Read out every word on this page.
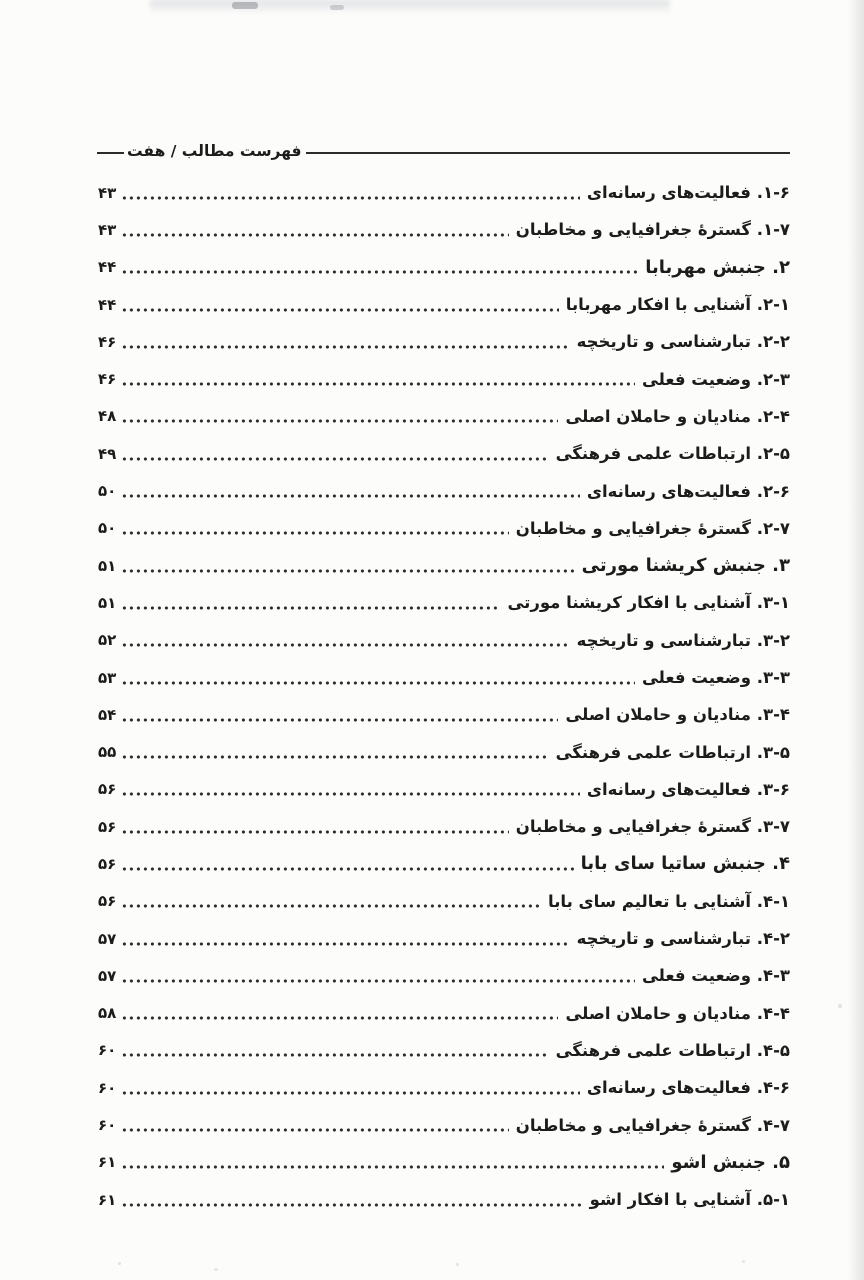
فهرست مطالب / هفت
۱-۶. فعالیت‌های رسانه‌ای
۴۳
۱-۷. گسترۀ جغرافیایی و مخاطبان
۴۳
۲. جنبش مهربابا
۴۴
۲-۱. آشنایی با افکار مهربابا
۴۴
۲-۲. تبارشناسی و تاریخچه
۴۶
۲-۳. وضعیت فعلی
۴۶
۲-۴. منادیان و حاملان اصلی
۴۸
۲-۵. ارتباطات علمی فرهنگی
۴۹
۲-۶. فعالیت‌های رسانه‌ای
۵۰
۲-۷. گسترۀ جغرافیایی و مخاطبان
۵۰
۳. جنبش کریشنا مورتی
۵۱
۳-۱. آشنایی با افکار کریشنا مورتی
۵۱
۳-۲. تبارشناسی و تاریخچه
۵۲
۳-۳. وضعیت فعلی
۵۳
۳-۴. منادیان و حاملان اصلی
۵۴
۳-۵. ارتباطات علمی فرهنگی
۵۵
۳-۶. فعالیت‌های رسانه‌ای
۵۶
۳-۷. گسترۀ جغرافیایی و مخاطبان
۵۶
۴. جنبش ساتیا سای بابا
۵۶
۴-۱. آشنایی با تعالیم سای بابا
۵۶
۴-۲. تبارشناسی و تاریخچه
۵۷
۴-۳. وضعیت فعلی
۵۷
۴-۴. منادیان و حاملان اصلی
۵۸
۴-۵. ارتباطات علمی فرهنگی
۶۰
۴-۶. فعالیت‌های رسانه‌ای
۶۰
۴-۷. گسترۀ جغرافیایی و مخاطبان
۶۰
۵. جنبش اشو
۶۱
۵-۱. آشنایی با افکار اشو
۶۱
